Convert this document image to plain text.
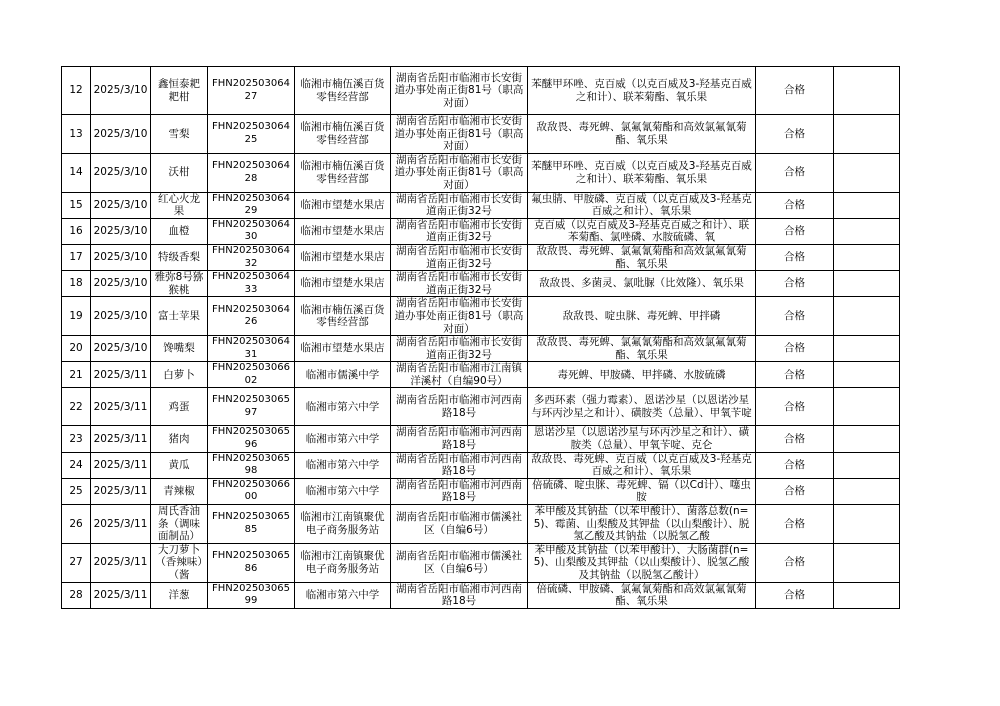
12	2025/3/10	鑫恒泰耙耙柑	FHN20250306427	临湘市楠伍溪百货零售经营部	湖南省岳阳市临湘市长安街道办事处南正街81号（职高对面）	苯醚甲环唑、克百威（以克百威及3-羟基克百威之和计）、联苯菊酯、氧乐果	合格	
13	2025/3/10	雪梨	FHN20250306425	临湘市楠伍溪百货零售经营部	湖南省岳阳市临湘市长安街道办事处南正街81号（职高对面）	敌敌畏、毒死蜱、氯氟氰菊酯和高效氯氟氰菊酯、氧乐果	合格	
14	2025/3/10	沃柑	FHN20250306428	临湘市楠伍溪百货零售经营部	湖南省岳阳市临湘市长安街道办事处南正街81号（职高对面）	苯醚甲环唑、克百威（以克百威及3-羟基克百威之和计）、联苯菊酯、氧乐果	合格	
15	2025/3/10	红心火龙果	FHN20250306429	临湘市望楚水果店	湖南省岳阳市临湘市长安街道南正街32号	氟虫腈、甲胺磷、克百威（以克百威及3-羟基克百威之和计）、氧乐果	合格	
16	2025/3/10	血橙	FHN20250306430	临湘市望楚水果店	湖南省岳阳市临湘市长安街道南正街32号	克百威（以克百威及3-羟基克百威之和计）、联苯菊酯、氯唑磷、水胺硫磷、氧	合格	
17	2025/3/10	特级香梨	FHN20250306432	临湘市望楚水果店	湖南省岳阳市临湘市长安街道南正街32号	敌敌畏、毒死蜱、氯氟氰菊酯和高效氯氟氰菊酯、氧乐果	合格	
18	2025/3/10	雅弥8号猕猴桃	FHN20250306433	临湘市望楚水果店	湖南省岳阳市临湘市长安街道南正街32号	敌敌畏、多菌灵、氯吡脲（比效隆）、氧乐果	合格	
19	2025/3/10	富士苹果	FHN20250306426	临湘市楠伍溪百货零售经营部	湖南省岳阳市临湘市长安街道办事处南正街81号（职高对面）	敌敌畏、啶虫脒、毒死蜱、甲拌磷	合格	
20	2025/3/10	馋嘴梨	FHN20250306431	临湘市望楚水果店	湖南省岳阳市临湘市长安街道南正街32号	敌敌畏、毒死蜱、氯氟氰菊酯和高效氯氟氰菊酯、氧乐果	合格	
21	2025/3/11	白萝卜	FHN20250306602	临湘市儒溪中学	湖南省岳阳市临湘市江南镇洋溪村（自编90号）	毒死蜱、甲胺磷、甲拌磷、水胺硫磷	合格	
22	2025/3/11	鸡蛋	FHN20250306597	临湘市第六中学	湖南省岳阳市临湘市河西南路18号	多西环素（强力霉素）、恩诺沙星（以恩诺沙星与环丙沙星之和计）、磺胺类（总量）、甲氧苄啶	合格	
23	2025/3/11	猪肉	FHN20250306596	临湘市第六中学	湖南省岳阳市临湘市河西南路18号	恩诺沙星（以恩诺沙星与环丙沙星之和计）、磺胺类（总量）、甲氧苄啶、克仑	合格	
24	2025/3/11	黄瓜	FHN20250306598	临湘市第六中学	湖南省岳阳市临湘市河西南路18号	敌敌畏、毒死蜱、克百威（以克百威及3-羟基克百威之和计）、氧乐果	合格	
25	2025/3/11	青辣椒	FHN20250306600	临湘市第六中学	湖南省岳阳市临湘市河西南路18号	倍硫磷、啶虫脒、毒死蜱、镉（以Cd计）、噻虫胺	合格	
26	2025/3/11	周氏香油条（调味面制品）	FHN20250306585	临湘市江南镇聚优电子商务服务站	湖南省岳阳市临湘市儒溪社区（自编6号）	苯甲酸及其钠盐（以苯甲酸计）、菌落总数(n=5)、霉菌、山梨酸及其钾盐（以山梨酸计）、脱氢乙酸及其钠盐（以脱氢乙酸	合格	
27	2025/3/11	大刀萝卜（香辣味）（酱	FHN20250306586	临湘市江南镇聚优电子商务服务站	湖南省岳阳市临湘市儒溪社区（自编6号）	苯甲酸及其钠盐（以苯甲酸计）、大肠菌群(n=5)、山梨酸及其钾盐（以山梨酸计）、脱氢乙酸及其钠盐（以脱氢乙酸计）	合格	
28	2025/3/11	洋葱	FHN20250306599	临湘市第六中学	湖南省岳阳市临湘市河西南路18号	倍硫磷、甲胺磷、氯氟氰菊酯和高效氯氟氰菊酯、氧乐果	合格	
